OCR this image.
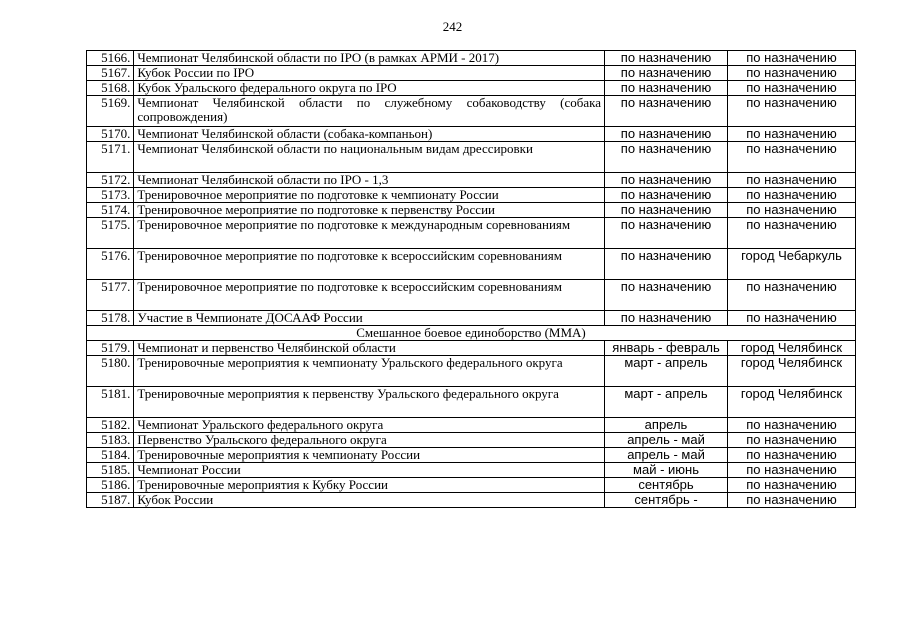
242
5166.	Чемпионат Челябинской области по IPO (в рамках АРМИ - 2017)	по назначению	по назначению
5167.	Кубок России по IPO	по назначению	по назначению
5168.	Кубок Уральского федерального округа по IPO	по назначению	по назначению
5169.	Чемпионат Челябинской области по служебному собаководству (собака сопровождения)	по назначению	по назначению
5170.	Чемпионат Челябинской области (собака-компаньон)	по назначению	по назначению
5171.	Чемпионат Челябинской области по национальным видам дрессировки	по назначению	по назначению
5172.	Чемпионат Челябинской области по IPO - 1,3	по назначению	по назначению
5173.	Тренировочное мероприятие по подготовке к чемпионату России	по назначению	по назначению
5174.	Тренировочное мероприятие по подготовке к первенству России	по назначению	по назначению
5175.	Тренировочное мероприятие по подготовке к международным соревнованиям	по назначению	по назначению
5176.	Тренировочное мероприятие по подготовке к всероссийским соревнованиям	по назначению	город Чебаркуль
5177.	Тренировочное мероприятие по подготовке к всероссийским соревнованиям	по назначению	по назначению
5178.	Участие в Чемпионате ДОСААФ России	по назначению	по назначению
Смешанное боевое единоборство (ММА)			
5179.	Чемпионат и первенство Челябинской области	январь - февраль	город Челябинск
5180.	Тренировочные мероприятия к чемпионату Уральского федерального округа	март - апрель	город Челябинск
5181.	Тренировочные мероприятия к первенству Уральского федерального округа	март - апрель	город Челябинск
5182.	Чемпионат Уральского федерального округа	апрель	по назначению
5183.	Первенство Уральского федерального округа	апрель - май	по назначению
5184.	Тренировочные мероприятия к чемпионату России	апрель - май	по назначению
5185.	Чемпионат России	май - июнь	по назначению
5186.	Тренировочные мероприятия к Кубку России	сентябрь	по назначению
5187.	Кубок России	сентябрь -	по назначению
